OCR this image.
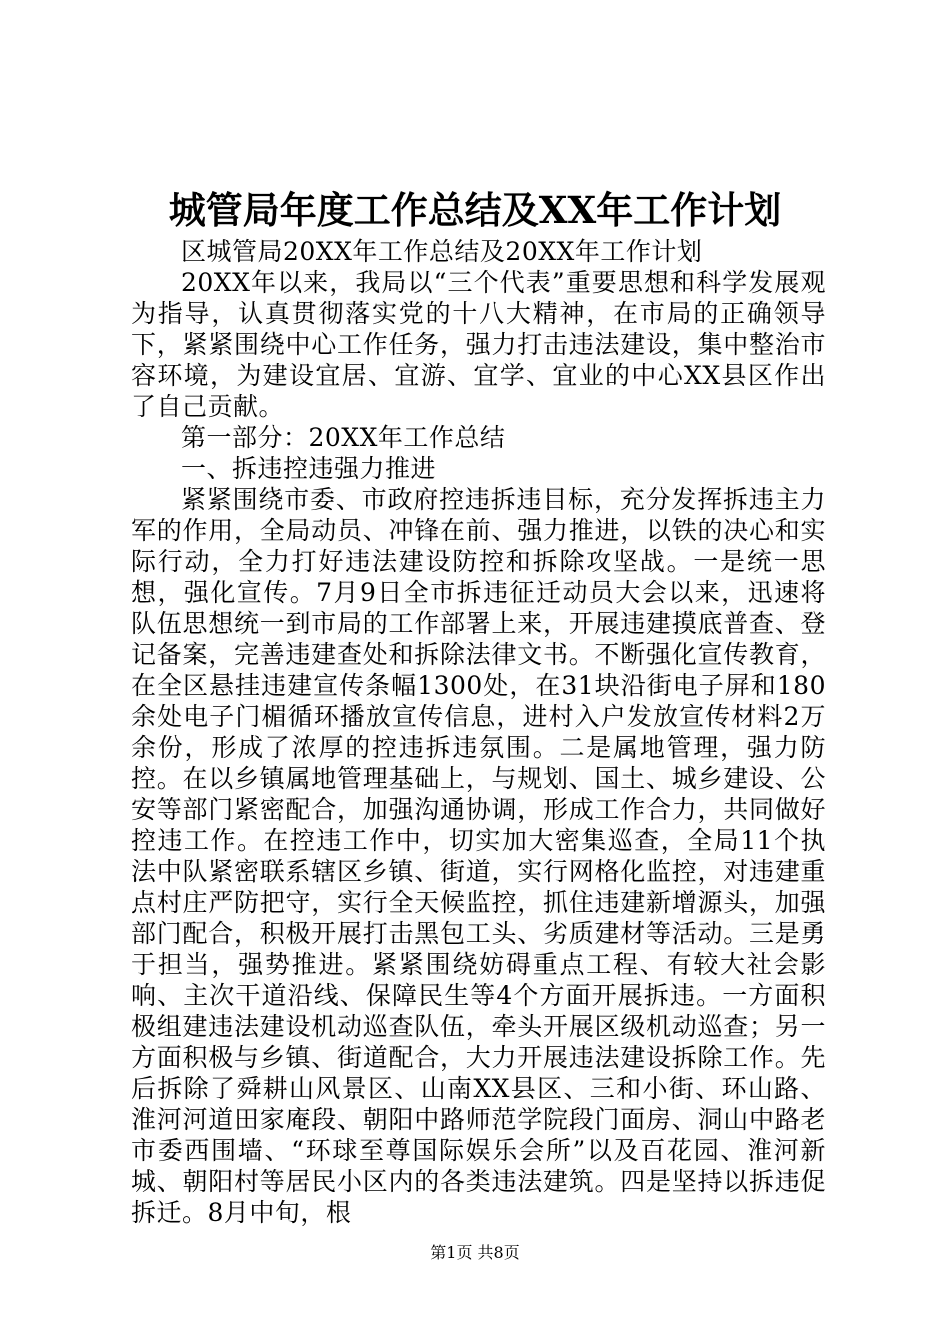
城管局年度工作总结及XX年工作计划

区城管局20XX年工作总结及20XX年工作计划

20XX年以来，我局以“三个代表”重要思想和科学发展观为指导，认真贯彻落实党的十八大精神，在市局的正确领导下，紧紧围绕中心工作任务，强力打击违法建设，集中整治市容环境，为建设宜居、宜游、宜学、宜业的中心XX县区作出了自己贡献。

第一部分：20XX年工作总结

一、拆违控违强力推进

紧紧围绕市委、市政府控违拆违目标，充分发挥拆违主力军的作用，全局动员、冲锋在前、强力推进，以铁的决心和实际行动，全力打好违法建设防控和拆除攻坚战。一是统一思想，强化宣传。7月9日全市拆违征迁动员大会以来，迅速将队伍思想统一到市局的工作部署上来，开展违建摸底普查、登记备案，完善违建查处和拆除法律文书。不断强化宣传教育，在全区悬挂违建宣传条幅1300处，在31块沿街电子屏和180余处电子门楣循环播放宣传信息，进村入户发放宣传材料2万余份，形成了浓厚的控违拆违氛围。二是属地管理，强力防控。在以乡镇属地管理基础上，与规划、国土、城乡建设、公安等部门紧密配合，加强沟通协调，形成工作合力，共同做好控违工作。在控违工作中，切实加大密集巡查，全局11个执法中队紧密联系辖区乡镇、街道，实行网格化监控，对违建重点村庄严防把守，实行全天候监控，抓住违建新增源头，加强部门配合，积极开展打击黑包工头、劣质建材等活动。三是勇于担当，强势推进。紧紧围绕妨碍重点工程、有较大社会影响、主次干道沿线、保障民生等4个方面开展拆违。一方面积极组建违法建设机动巡查队伍，牵头开展区级机动巡查；另一方面积极与乡镇、街道配合，大力开展违法建设拆除工作。先后拆除了舜耕山风景区、山南XX县区、三和小街、环山路、淮河河道田家庵段、朝阳中路师范学院段门面房、洞山中路老市委西围墙、“环球至尊国际娱乐会所”以及百花园、淮河新城、朝阳村等居民小区内的各类违法建筑。四是坚持以拆违促拆迁。8月中旬，根

第1页 共8页
